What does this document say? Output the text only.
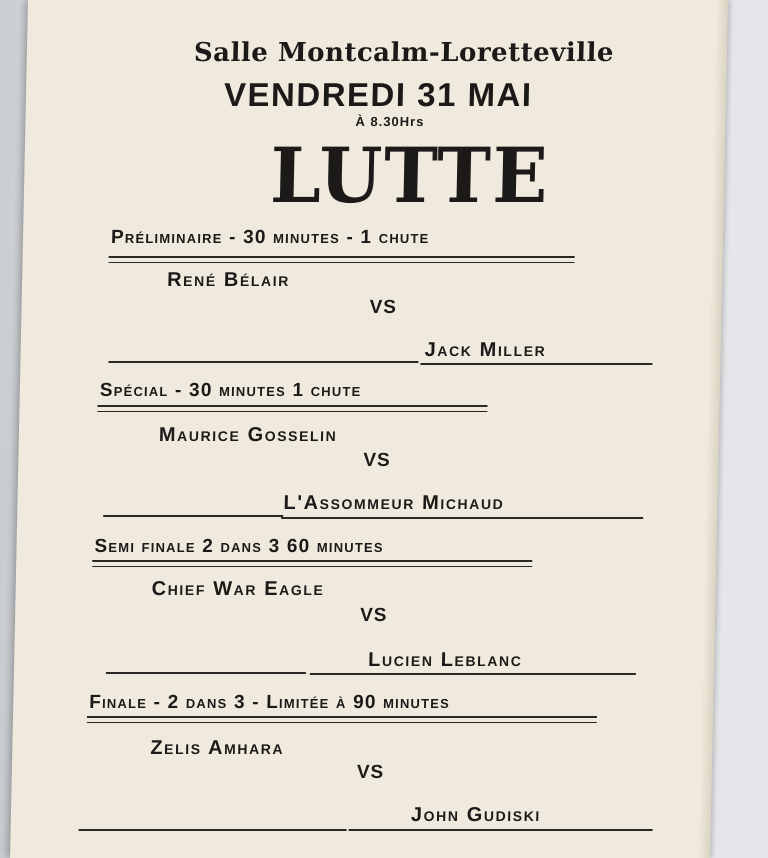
Salle Montcalm-Loretteville
VENDREDI 31 MAI
À 8.30Hrs
LUTTE
Préliminaire - 30 minutes - 1 chute
René Bélair
VS
Jack Miller
Spécial - 30 minutes 1 chute
Maurice Gosselin
VS
L'Assommeur Michaud
Semi finale 2 dans 3 60 minutes
Chief War Eagle
VS
Lucien Leblanc
Finale - 2 dans 3 - Limitée à 90 minutes
Zelis Amhara
VS
John Gudiski
